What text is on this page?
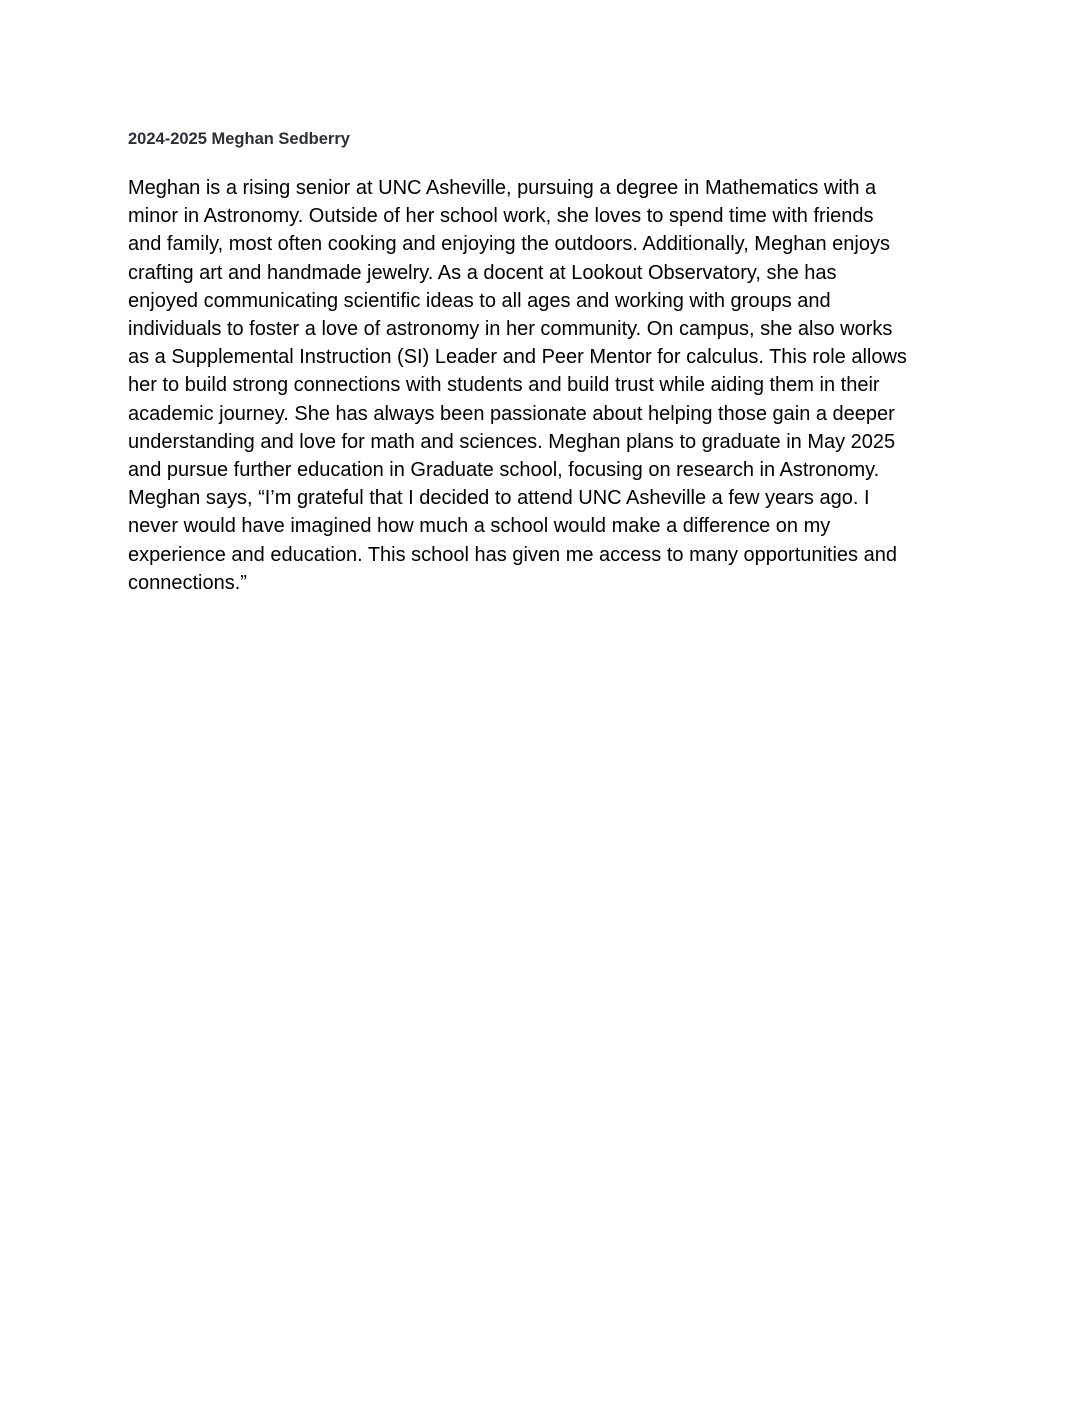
2024-2025 Meghan Sedberry

Meghan is a rising senior at UNC Asheville, pursuing a degree in Mathematics with a
minor in Astronomy. Outside of her school work, she loves to spend time with friends
and family, most often cooking and enjoying the outdoors. Additionally, Meghan enjoys
crafting art and handmade jewelry. As a docent at Lookout Observatory, she has
enjoyed communicating scientific ideas to all ages and working with groups and
individuals to foster a love of astronomy in her community. On campus, she also works
as a Supplemental Instruction (SI) Leader and Peer Mentor for calculus. This role allows
her to build strong connections with students and build trust while aiding them in their
academic journey. She has always been passionate about helping those gain a deeper
understanding and love for math and sciences. Meghan plans to graduate in May 2025
and pursue further education in Graduate school, focusing on research in Astronomy.
Meghan says, “I’m grateful that I decided to attend UNC Asheville a few years ago. I
never would have imagined how much a school would make a difference on my
experience and education. This school has given me access to many opportunities and
connections.”
